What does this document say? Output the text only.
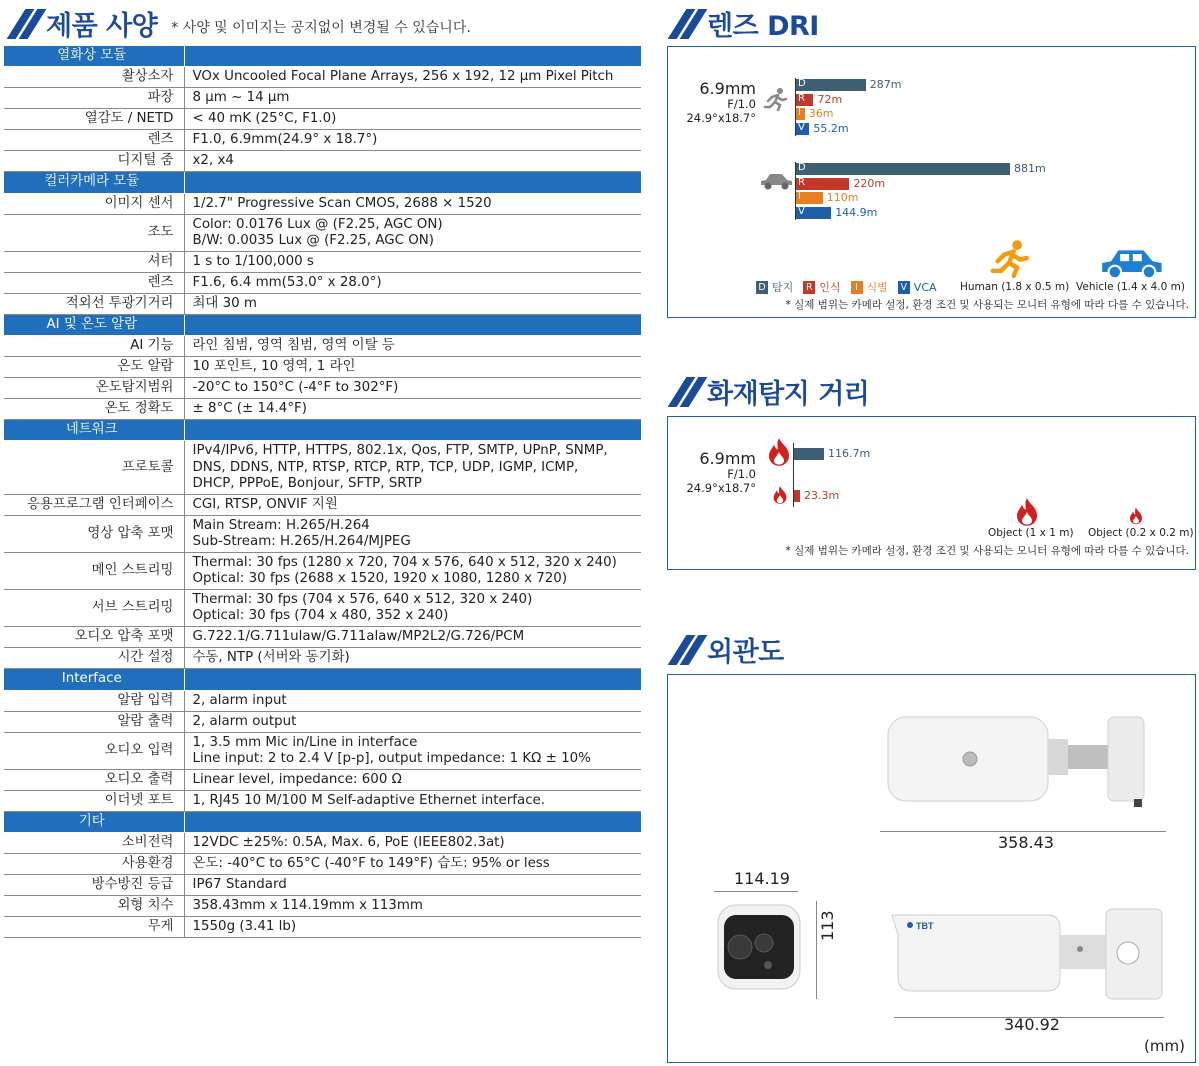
제품 사양 * 사양 및 이미지는 공지없이 변경될 수 있습니다.
열화상 모듈	
촬상소자	VOx Uncooled Focal Plane Arrays, 256 x 192, 12 µm Pixel Pitch

파장	8 µm ~ 14 µm

열감도 / NETD	< 40 mK (25°C, F1.0)

렌즈	F1.0, 6.9mm(24.9° x 18.7°)

디지털 줌	x2, x4

컬러카메라 모듈	
이미지 센서	1/2.7" Progressive Scan CMOS, 2688 × 1520

조도	Color: 0.0176 Lux @ (F2.25, AGC ON)
B/W: 0.0035 Lux @ (F2.25, AGC ON)

셔터	1 s to 1/100,000 s

렌즈	F1.6, 6.4 mm(53.0° x 28.0°)

적외선 투광기거리	최대 30 m

AI 및 온도 알람	
AI 기능	라인 침범, 영역 침범, 영역 이탈 등

온도 알람	10 포인트, 10 영역, 1 라인

온도탐지범위	-20°C to 150°C (-4°F to 302°F)

온도 정확도	± 8°C (± 14.4°F)

네트워크	
프로토콜	IPv4/IPv6, HTTP, HTTPS, 802.1x, Qos, FTP, SMTP, UPnP, SNMP,
DNS, DDNS, NTP, RTSP, RTCP, RTP, TCP, UDP, IGMP, ICMP,
DHCP, PPPoE, Bonjour, SFTP, SRTP

응용프로그램 인터페이스	CGI, RTSP, ONVIF 지원

영상 압축 포맷	Main Stream: H.265/H.264
Sub-Stream: H.265/H.264/MJPEG

메인 스트리밍	Thermal: 30 fps (1280 x 720, 704 x 576, 640 x 512, 320 x 240)
Optical: 30 fps (2688 x 1520, 1920 x 1080, 1280 x 720)

서브 스트리밍	Thermal: 30 fps (704 x 576, 640 x 512, 320 x 240)
Optical: 30 fps (704 x 480, 352 x 240)

오디오 압축 포맷	G.722.1/G.711ulaw/G.711alaw/MP2L2/G.726/PCM

시간 설정	수동, NTP (서버와 동기화)

Interface	
알람 입력	2, alarm input

알람 출력	2, alarm output

오디오 입력	1, 3.5 mm Mic in/Line in interface
Line input: 2 to 2.4 V [p-p], output impedance: 1 KΩ ± 10%

오디오 출력	Linear level, impedance: 600 Ω

이더넷 포트	1, RJ45 10 M/100 M Self-adaptive Ethernet interface.

기타	
소비전력	12VDC ±25%: 0.5A, Max. 6, PoE (IEEE802.3at)

사용환경	온도: -40°C to 65°C (-40°F to 149°F) 습도: 95% or less

방수방진 등급	IP67 Standard

외형 치수	358.43mm x 114.19mm x 113mm

무게	1550g (3.41 lb)
렌즈 DRI
6.9mm
F/1.0
24.9°x18.7°
D	287m
R 72m
I 36m
V 55.2m
D	881m
R	220m
I 110m
V	144.9m
D 탐지 R 인식	I 식별 V VCA Human (1.8 x 0.5 m) Vehicle (1.4 x 4.0 m)
* 실제 범위는 카메라 설정, 환경 조건 및 사용되는 모니터 유형에 따라 다를 수 있습니다.
화재탐지 거리
6.9mm
F/1.0
24.9°x18.7°
116.7m
23.3m
Object (1 x 1 m) Object (0.2 x 0.2 m)
* 실제 범위는 카메라 설정, 환경 조건 및 사용되는 모니터 유형에 따라 다를 수 있습니다.
외관도
358.43
114.19
113	TBT
340.92
(mm)
